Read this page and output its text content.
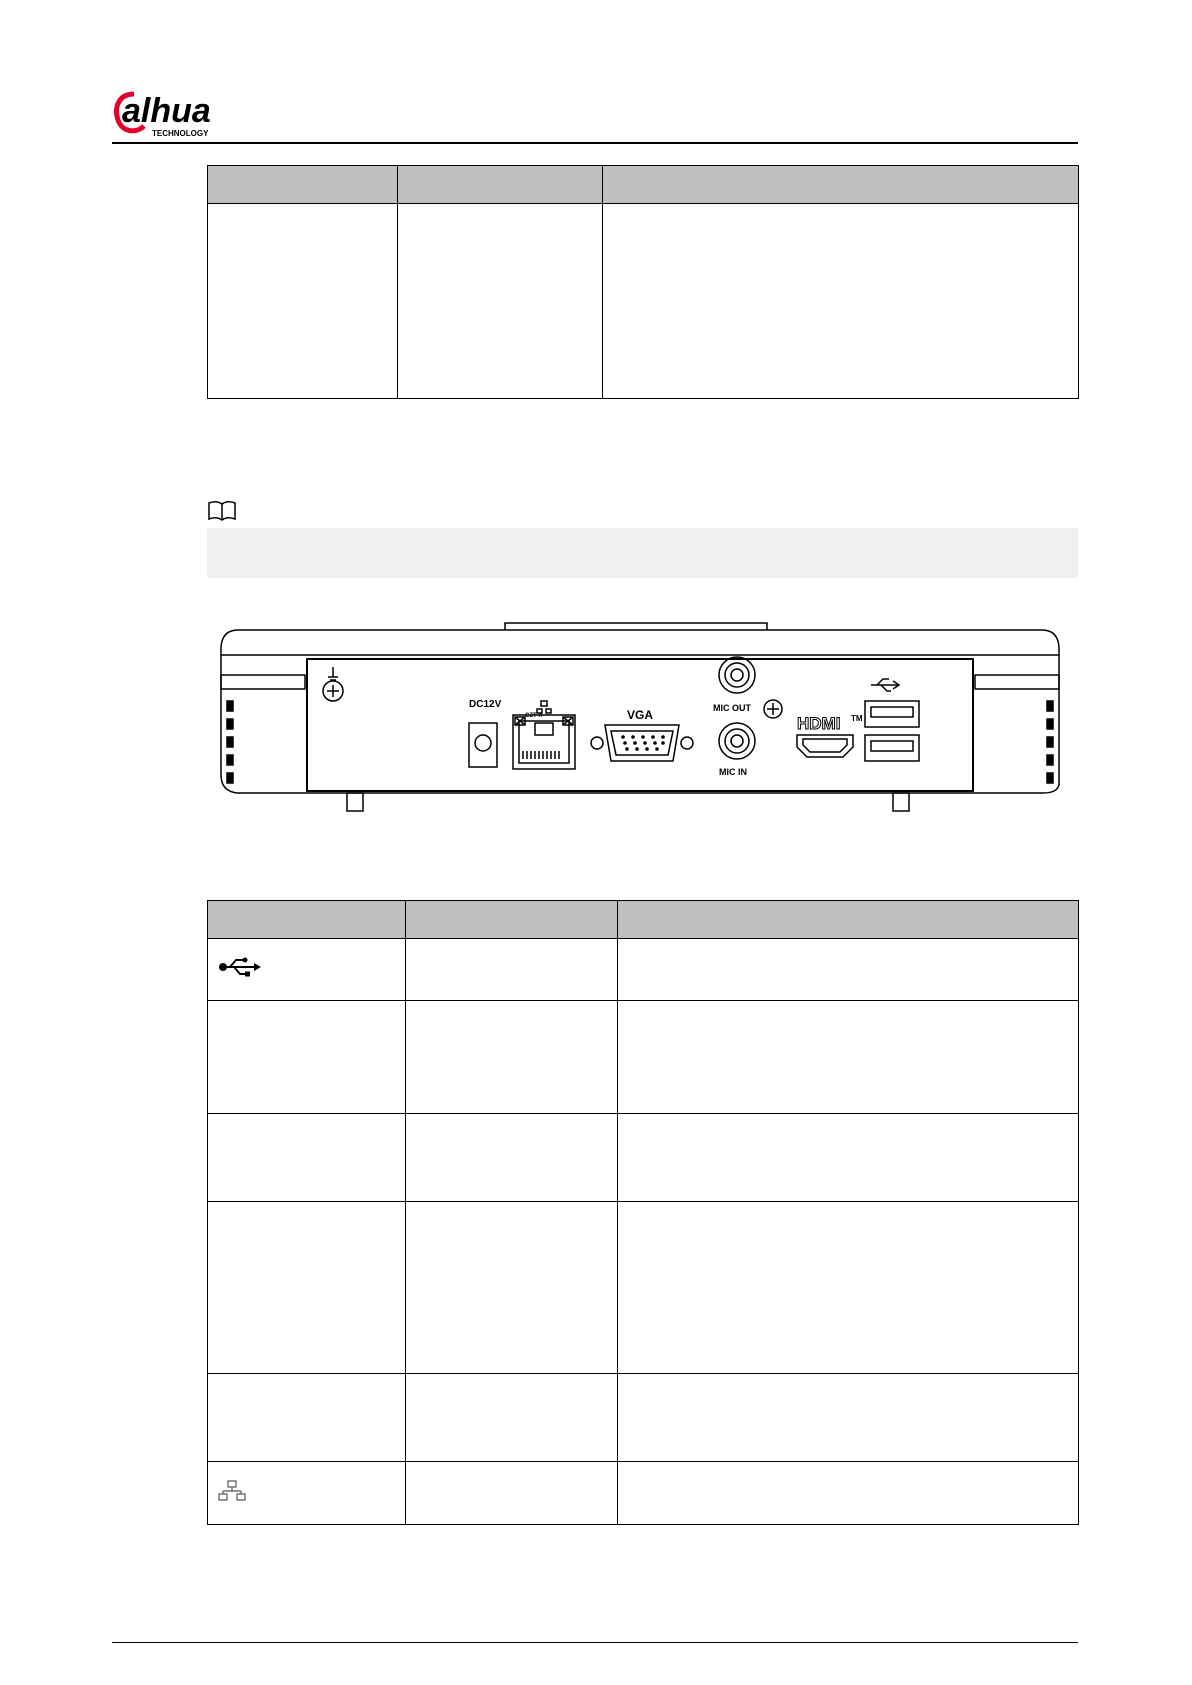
alhua
TECHNOLOGY

DC12V
CZT X	VGA	MIC OUT
MIC IN
HDMI TM
